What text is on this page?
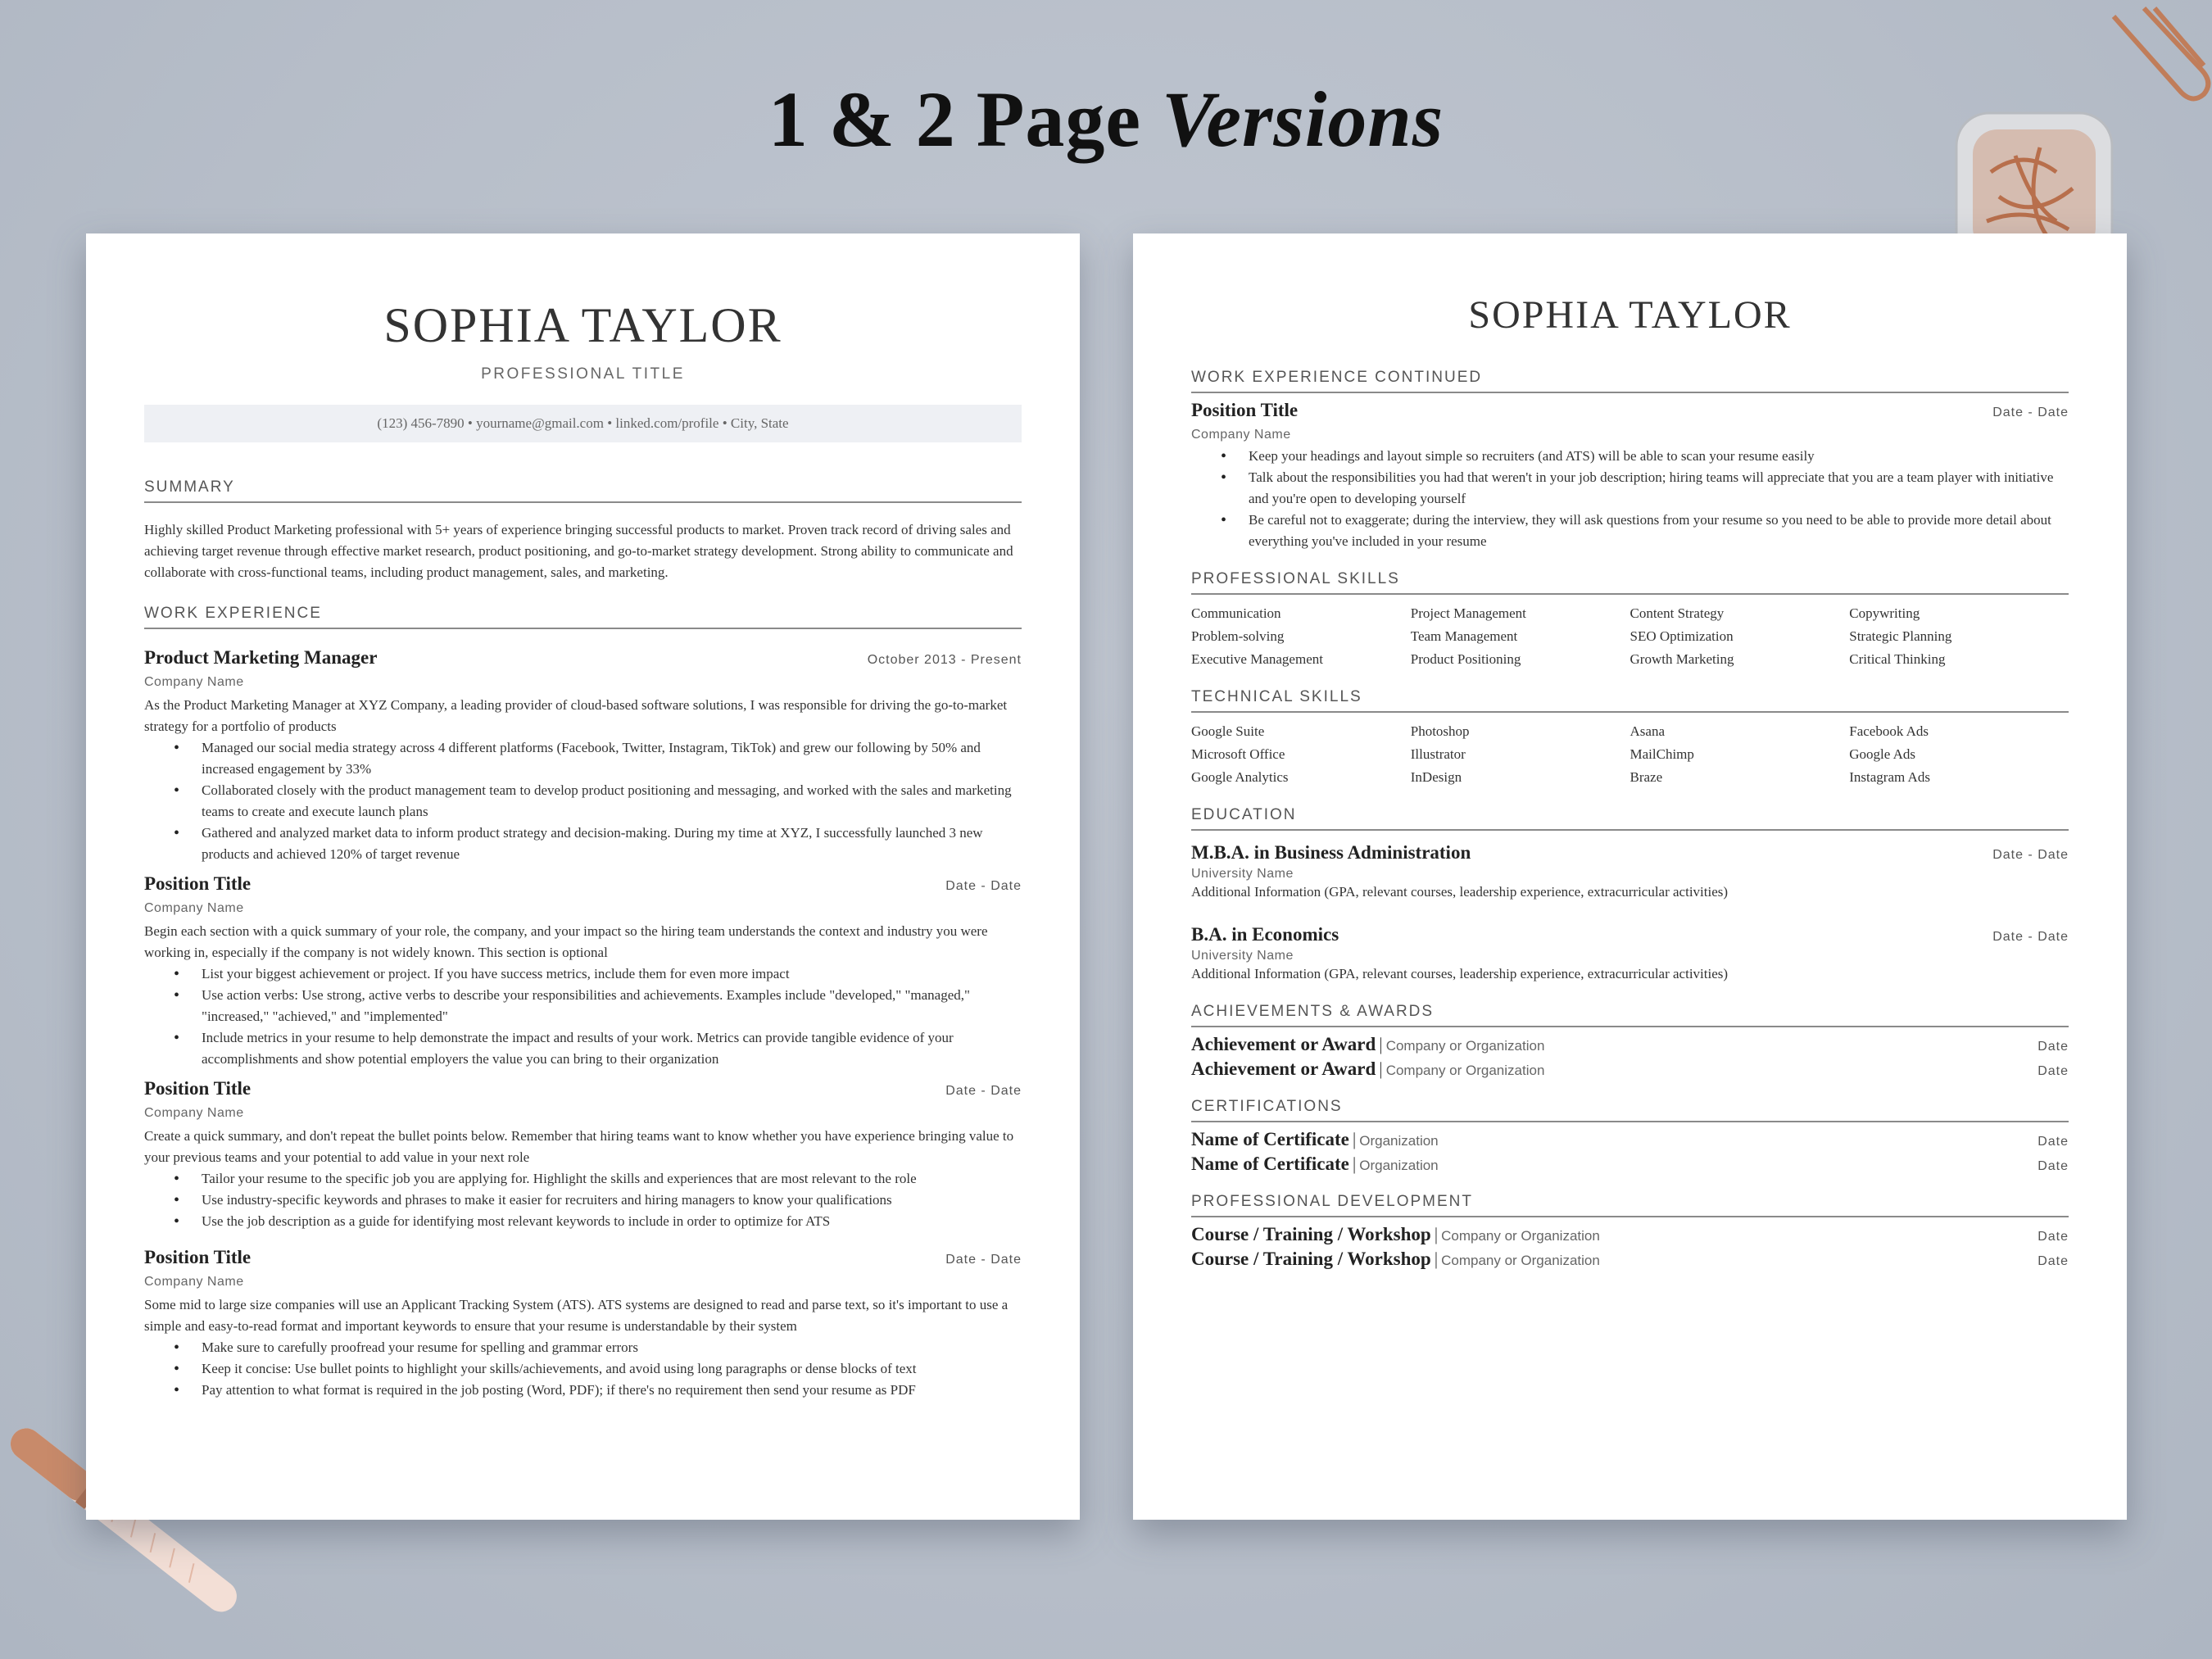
1 & 2 Page Versions
SOPHIA TAYLOR
PROFESSIONAL TITLE
(123) 456-7890 • yourname@gmail.com • linked.com/profile • City, State
SUMMARY
Highly skilled Product Marketing professional with 5+ years of experience bringing successful products to market. Proven track record of driving sales and achieving target revenue through effective market research, product positioning, and go-to-market strategy development. Strong ability to communicate and collaborate with cross-functional teams, including product management, sales, and marketing.
WORK EXPERIENCE
Product Marketing Manager	October 2013 - Present
Company Name
As the Product Marketing Manager at XYZ Company, a leading provider of cloud-based software solutions, I was responsible for driving the go-to-market strategy for a portfolio of products
• Managed our social media strategy across 4 different platforms (Facebook, Twitter, Instagram, TikTok) and grew our following by 50% and increased engagement by 33%
• Collaborated closely with the product management team to develop product positioning and messaging, and worked with the sales and marketing teams to create and execute launch plans
• Gathered and analyzed market data to inform product strategy and decision-making. During my time at XYZ, I successfully launched 3 new products and achieved 120% of target revenue
Position Title	Date - Date
Company Name
Begin each section with a quick summary of your role, the company, and your impact so the hiring team understands the context and industry you were working in, especially if the company is not widely known. This section is optional
• List your biggest achievement or project. If you have success metrics, include them for even more impact
• Use action verbs: Use strong, active verbs to describe your responsibilities and achievements. Examples include "developed," "managed," "increased," "achieved," and "implemented"
• Include metrics in your resume to help demonstrate the impact and results of your work. Metrics can provide tangible evidence of your accomplishments and show potential employers the value you can bring to their organization
Position Title	Date - Date
Company Name
Create a quick summary, and don't repeat the bullet points below. Remember that hiring teams want to know whether you have experience bringing value to your previous teams and your potential to add value in your next role
• Tailor your resume to the specific job you are applying for. Highlight the skills and experiences that are most relevant to the role
• Use industry-specific keywords and phrases to make it easier for recruiters and hiring managers to know your qualifications
• Use the job description as a guide for identifying most relevant keywords to include in order to optimize for ATS
Position Title	Date - Date
Company Name
Some mid to large size companies will use an Applicant Tracking System (ATS). ATS systems are designed to read and parse text, so it's important to use a simple and easy-to-read format and important keywords to ensure that your resume is understandable by their system
• Make sure to carefully proofread your resume for spelling and grammar errors
• Keep it concise: Use bullet points to highlight your skills/achievements, and avoid using long paragraphs or dense blocks of text
• Pay attention to what format is required in the job posting (Word, PDF); if there's no requirement then send your resume as PDF
SOPHIA TAYLOR
WORK EXPERIENCE CONTINUED
Position Title	Date - Date
Company Name
• Keep your headings and layout simple so recruiters (and ATS) will be able to scan your resume easily
• Talk about the responsibilities you had that weren't in your job description; hiring teams will appreciate that you are a team player with initiative and you're open to developing yourself
• Be careful not to exaggerate; during the interview, they will ask questions from your resume so you need to be able to provide more detail about everything you've included in your resume
PROFESSIONAL SKILLS
Communication	Project Management	Content Strategy	Copywriting
Problem-solving	Team Management	SEO Optimization	Strategic Planning
Executive Management	Product Positioning	Growth Marketing	Critical Thinking
TECHNICAL SKILLS
Google Suite	Photoshop	Asana	Facebook Ads
Microsoft Office	Illustrator	MailChimp	Google Ads
Google Analytics	InDesign	Braze	Instagram Ads
EDUCATION
M.B.A. in Business Administration	Date - Date
University Name
Additional Information (GPA, relevant courses, leadership experience, extracurricular activities)
B.A. in Economics	Date - Date
University Name
Additional Information (GPA, relevant courses, leadership experience, extracurricular activities)
ACHIEVEMENTS & AWARDS
Achievement or Award | Company or Organization	Date
Achievement or Award | Company or Organization	Date
CERTIFICATIONS
Name of Certificate | Organization	Date
Name of Certificate | Organization	Date
PROFESSIONAL DEVELOPMENT
Course / Training / Workshop | Company or Organization	Date
Course / Training / Workshop | Company or Organization	Date
